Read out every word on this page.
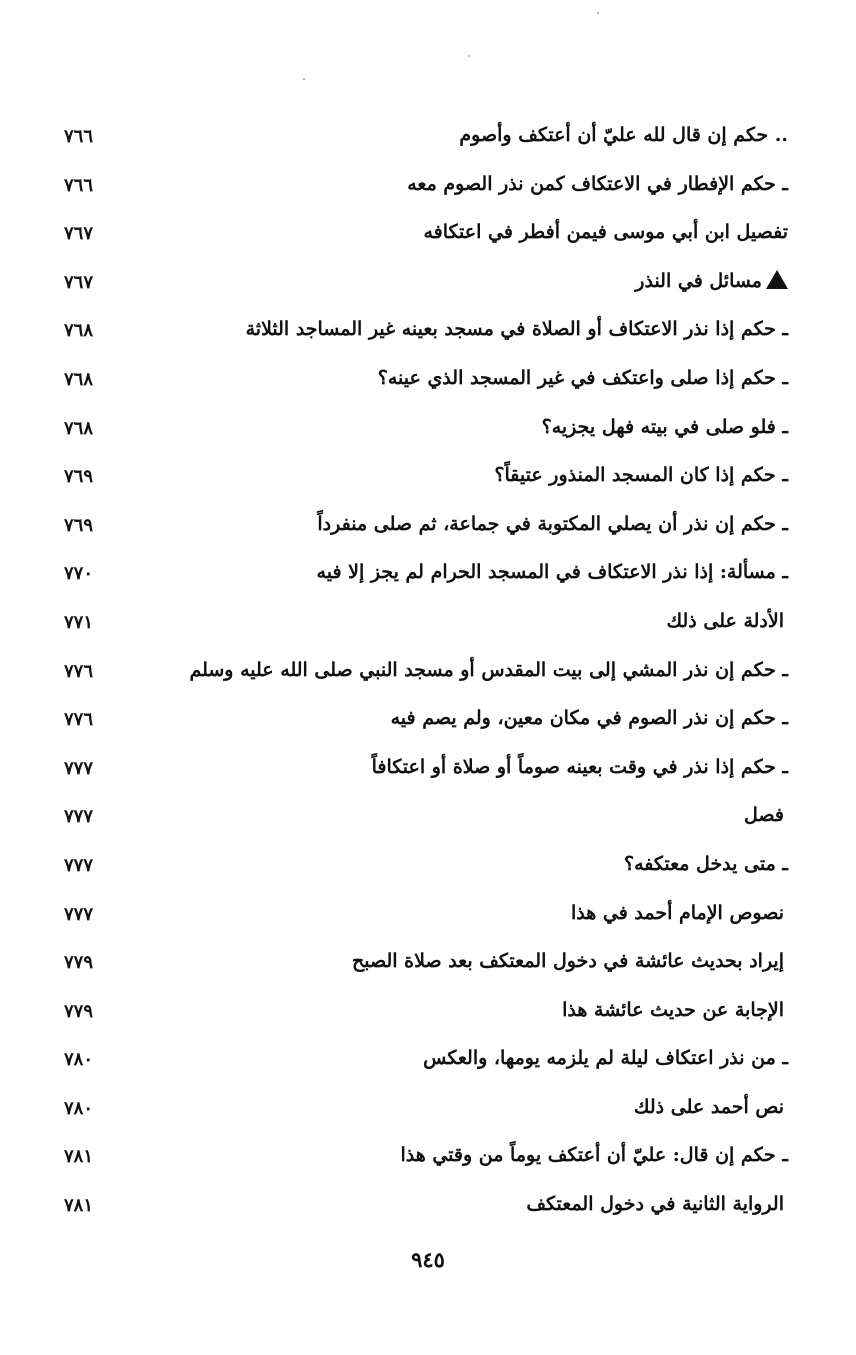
.. حكم إن قال لله عليّ أن أعتكف وأصوم
٧٦٦
ـ حكم الإفطار في الاعتكاف كمن نذر الصوم معه
٧٦٦
تفصيل ابن أبي موسى فيمن أفطر في اعتكافه
٧٦٧
مسائل في النذر
٧٦٧
ـ حكم إذا نذر الاعتكاف أو الصلاة في مسجد بعينه غير المساجد الثلاثة
٧٦٨
ـ حكم إذا صلى واعتكف في غير المسجد الذي عينه؟
٧٦٨
ـ فلو صلى في بيته فهل يجزيه؟
٧٦٨
ـ حكم إذا كان المسجد المنذور عتيقاً؟
٧٦٩
ـ حكم إن نذر أن يصلي المكتوبة في جماعة، ثم صلى منفرداً
٧٦٩
ـ مسألة: إذا نذر الاعتكاف في المسجد الحرام لم يجز إلا فيه
٧٧٠
الأدلة على ذلك
٧٧١
ـ حكم إن نذر المشي إلى بيت المقدس أو مسجد النبي صلى الله عليه وسلم
٧٧٦
ـ حكم إن نذر الصوم في مكان معين، ولم يصم فيه
٧٧٦
ـ حكم إذا نذر في وقت بعينه صوماً أو صلاة أو اعتكافاً
٧٧٧
فصل
٧٧٧
ـ متى يدخل معتكفه؟
٧٧٧
نصوص الإمام أحمد في هذا
٧٧٧
إيراد بحديث عائشة في دخول المعتكف بعد صلاة الصبح
٧٧٩
الإجابة عن حديث عائشة هذا
٧٧٩
ـ من نذر اعتكاف ليلة لم يلزمه يومها، والعكس
٧٨٠
نص أحمد على ذلك
٧٨٠
ـ حكم إن قال: عليّ أن أعتكف يوماً من وقتي هذا
٧٨١
الرواية الثانية في دخول المعتكف
٧٨١
٩٤٥
